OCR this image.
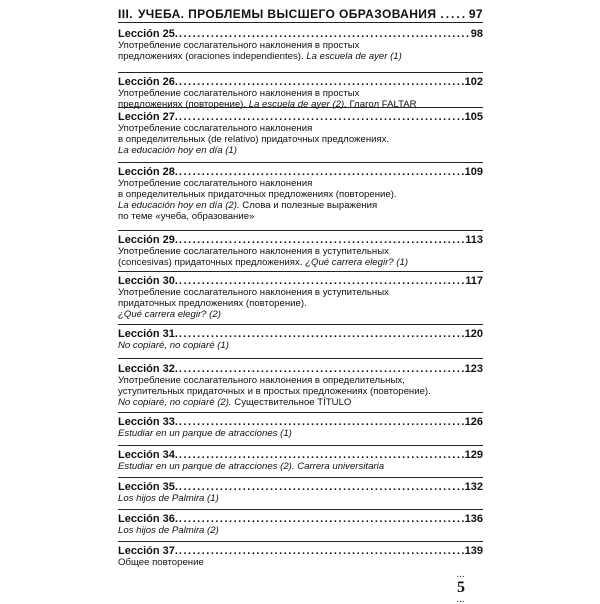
III. УЧЕБА. ПРОБЛЕМЫ ВЫСШЕГО ОБРАЗОВАНИЯ .....	97
Lección 25. .....	98
Употребление сослагательного наклонения в простых
предложениях (oraciones independientes). La escuela de ayer (1)
Lección 26. .....	102
Употребление сослагательного наклонения в простых
предложениях (повторение). La escuela de ayer (2). Глагол FALTAR
Lección 27. .....	105
Употребление сослагательного наклонения
в определительных (de relativo) придаточных предложениях.
La educación hoy en día (1)
Lección 28. .....	109
Употребление сослагательного наклонения
в определительных придаточных предложениях (повторение).
La educación hoy en día (2). Слова и полезные выражения
по теме «учеба, образование»
Lección 29. .....	113
Употребление сослагательного наклонения в уступительных
(concesivas) придаточных предложениях. ¿Qué carrera elegir? (1)
Lección 30. .....	117
Употребление сослагательного наклонения в уступительных
придаточных предложениях (повторение).
¿Qué carrera elegir? (2)
Lección 31. .....	120
No copiaré, no copiaré (1)
Lección 32. .....	123
Употребление сослагательного наклонения в определительных,
уступительных придаточных и в простых предложениях (повторение).
No copiaré, no copiaré (2). Существительное TÍTULO
Lección 33. .....	126
Estudiar en un parque de atracciones (1)
Lección 34. .....	129
Estudiar en un parque de atracciones (2). Carrera universitaria
Lección 35. .....	132
Los hijos de Palmira (1)
Lección 36. .....	136
Los hijos de Palmira (2)
Lección 37. .....	139
Общее повторение
...
5
...
